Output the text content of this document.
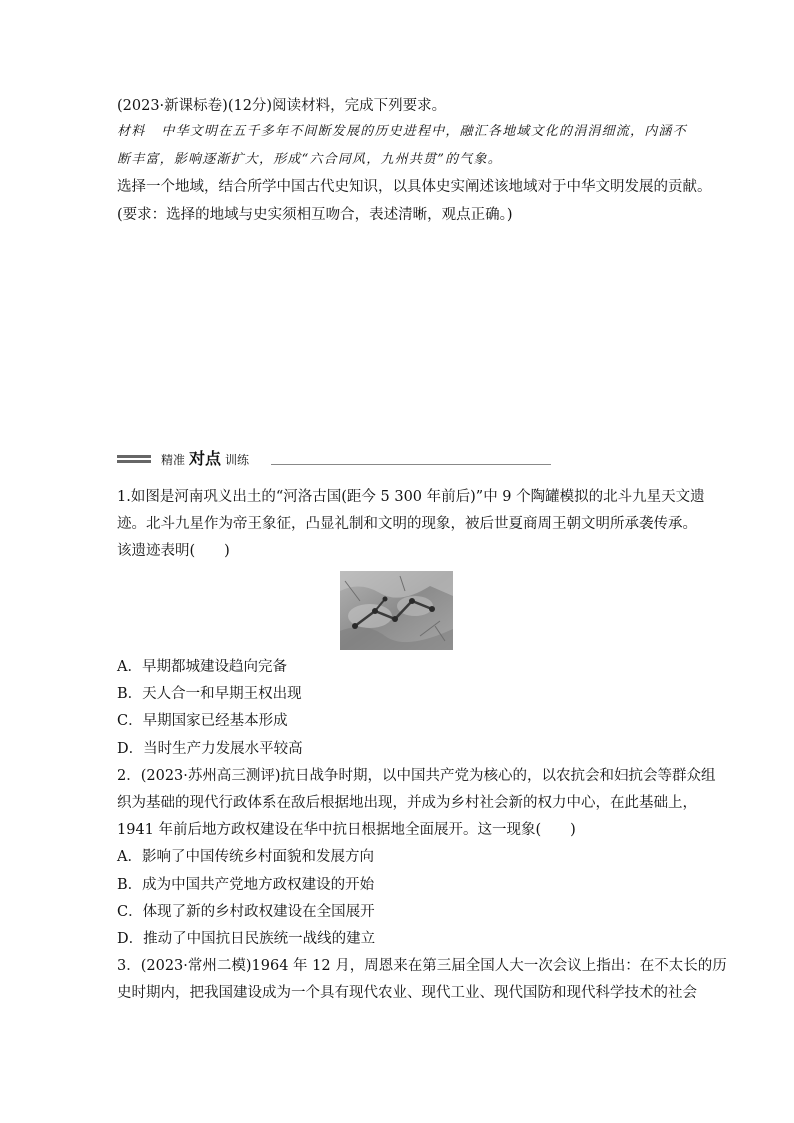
(2023·新课标卷)(12分)阅读材料，完成下列要求。
材料 中华文明在五千多年不间断发展的历史进程中，融汇各地域文化的涓涓细流，内涵不
断丰富，影响逐渐扩大，形成“六合同风，九州共贯”的气象。
选择一个地域，结合所学中国古代史知识，以具体史实阐述该地域对于中华文明发展的贡献。
(要求：选择的地域与史实须相互吻合，表述清晰，观点正确。)
精准 对点 训练
1.如图是河南巩义出土的“河洛古国(距今 5 300 年前后)”中 9 个陶罐模拟的北斗九星天文遗
迹。北斗九星作为帝王象征，凸显礼制和文明的现象，被后世夏商周王朝文明所承袭传承。
该遗迹表明(　　)
A．早期都城建设趋向完备
B．天人合一和早期王权出现
C．早期国家已经基本形成
D．当时生产力发展水平较高
2．(2023·苏州高三测评)抗日战争时期，以中国共产党为核心的，以农抗会和妇抗会等群众组
织为基础的现代行政体系在敌后根据地出现，并成为乡村社会新的权力中心，在此基础上，
1941 年前后地方政权建设在华中抗日根据地全面展开。这一现象(　　)
A．影响了中国传统乡村面貌和发展方向
B．成为中国共产党地方政权建设的开始
C．体现了新的乡村政权建设在全国展开
D．推动了中国抗日民族统一战线的建立
3．(2023·常州二模)1964 年 12 月，周恩来在第三届全国人大一次会议上指出：在不太长的历
史时期内，把我国建设成为一个具有现代农业、现代工业、现代国防和现代科学技术的社会
